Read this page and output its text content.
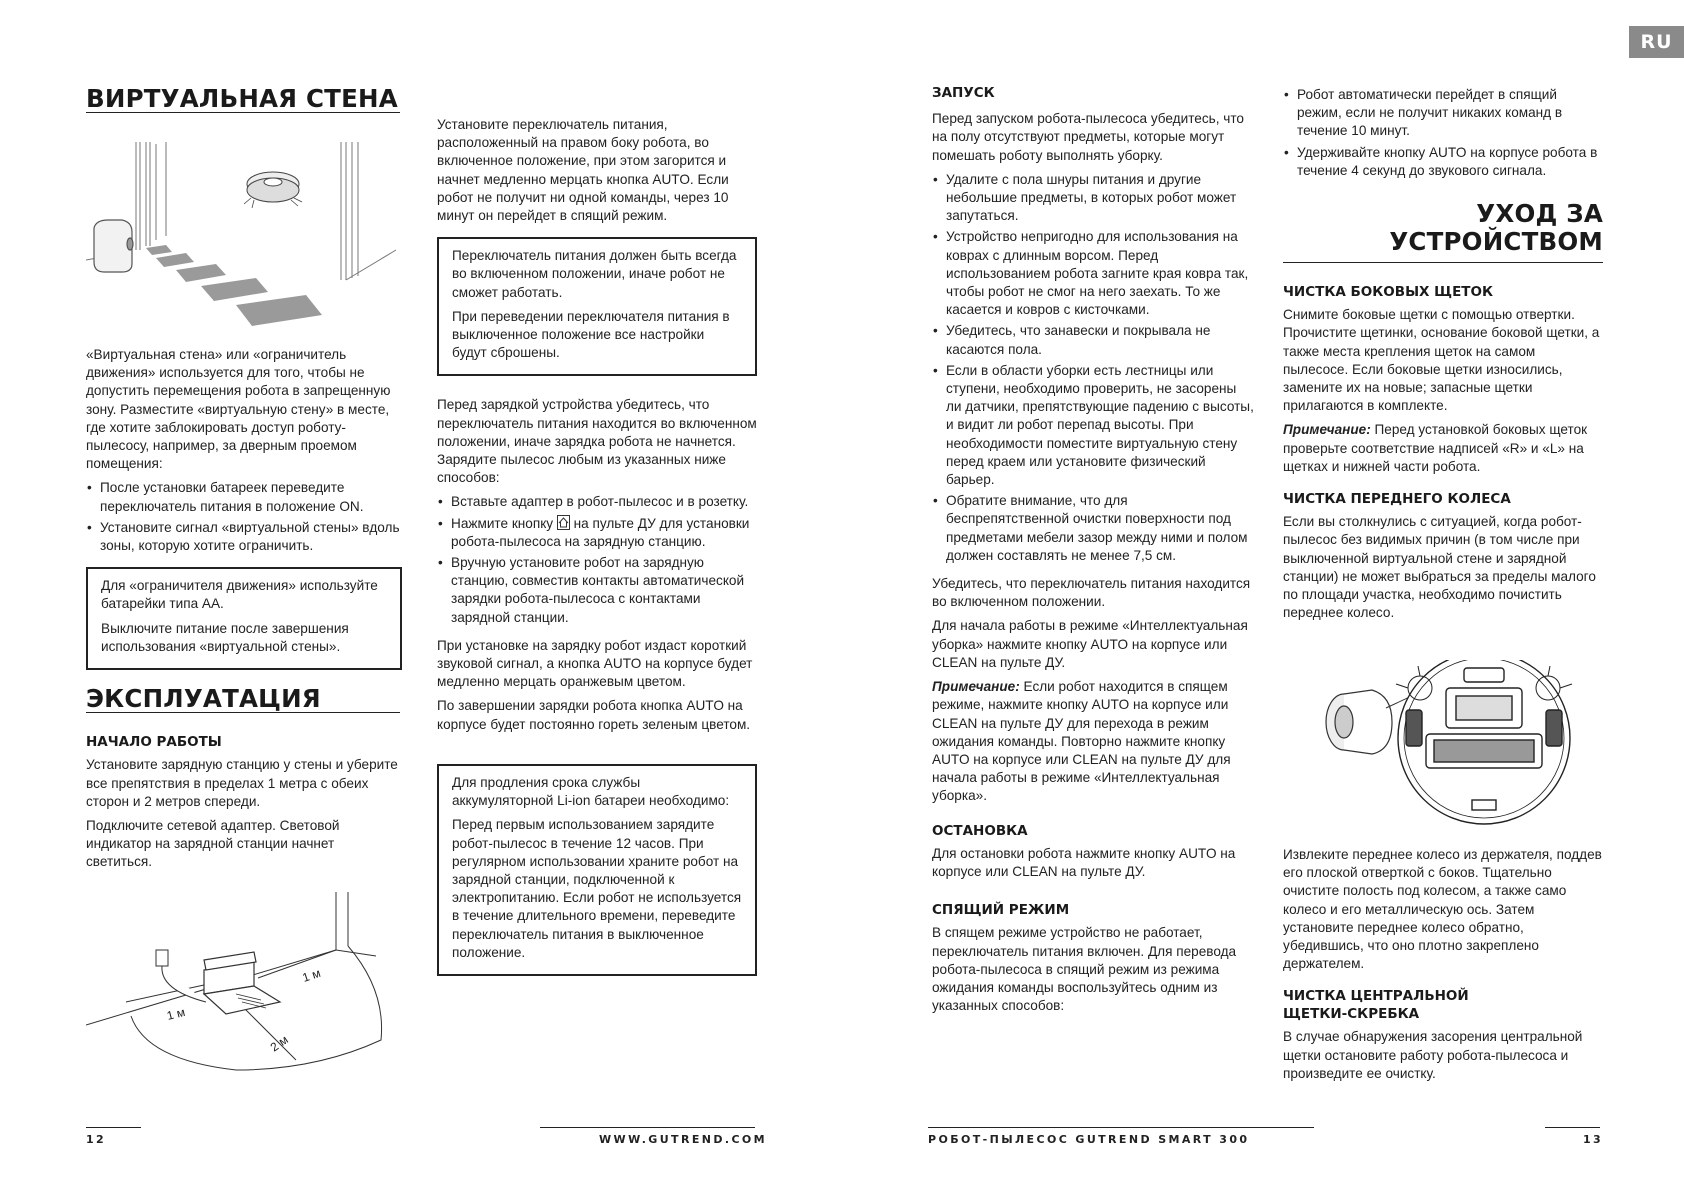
RU
ВИРТУАЛЬНАЯ СТЕНА

«Виртуальная стена» или «ограничитель движения» используется для того, чтобы не допустить перемещения робота в запрещенную зону. Разместите «виртуальную стену» в месте, где хотите заблокировать доступ роботу-пылесосу, например, за дверным проемом помещения:

• После установки батареек переведите переключатель питания в положение ON.
• Установите сигнал «виртуальной стены» вдоль зоны, которую хотите ограничить.

Для «ограничителя движения» используйте батарейки типа АА.

Выключите питание после завершения использования «виртуальной стены».

ЭКСПЛУАТАЦИЯ
НАЧАЛО РАБОТЫ

Установите зарядную станцию у стены и уберите все препятствия в пределах 1 метра с обеих сторон и 2 метров спереди.

Подключите сетевой адаптер. Световой индикатор на зарядной станции начнет светиться.

1 м
1 м
2 м

Установите переключатель питания, расположенный на правом боку робота, во включенное положение, при этом загорится и начнет медленно мерцать кнопка AUTO. Если робот не получит ни одной команды, через 10 минут он перейдет в спящий режим.

Переключатель питания должен быть всегда во включенном положении, иначе робот не сможет работать.

При переведении переключателя питания в выключенное положение все настройки будут сброшены.

Перед зарядкой устройства убедитесь, что переключатель питания находится во включенном положении, иначе зарядка робота не начнется. Зарядите пылесос любым из указанных ниже способов:

• Вставьте адаптер в робот-пылесос и в розетку.
• Нажмите кнопку на пульте ДУ для установки робота-пылесоса на зарядную станцию.
• Вручную установите робот на зарядную станцию, совместив контакты автоматической зарядки робота-пылесоса с контактами зарядной станции.

При установке на зарядку робот издаст короткий звуковой сигнал, а кнопка AUTO на корпусе будет медленно мерцать оранжевым цветом.

По завершении зарядки робота кнопка AUTO на корпусе будет постоянно гореть зеленым цветом.

Для продления срока службы аккумуляторной Li-ion батареи необходимо:

Перед первым использованием зарядите робот-пылесос в течение 12 часов. При регулярном использовании храните робот на зарядной станции, подключенной к электропитанию. Если робот не используется в течение длительного времени, переведите переключатель питания в выключенное положение.

12	WWW.GUTREND.COM
ЗАПУСК

Перед запуском робота-пылесоса убедитесь, что на полу отсутствуют предметы, которые могут помешать роботу выполнять уборку.

• Удалите с пола шнуры питания и другие небольшие предметы, в которых робот может запутаться.
• Устройство непригодно для использования на коврах с длинным ворсом. Перед использованием робота загните края ковра так, чтобы робот не смог на него заехать. То же касается и ковров с кисточками.
• Убедитесь, что занавески и покрывала не касаются пола.
• Если в области уборки есть лестницы или ступени, необходимо проверить, не засорены ли датчики, препятствующие падению с высоты, и видит ли робот перепад высоты. При необходимости поместите виртуальную стену перед краем или установите физический барьер.
• Обратите внимание, что для беспрепятственной очистки поверхности под предметами мебели зазор между ними и полом должен составлять не менее 7,5 см.

Убедитесь, что переключатель питания находится во включенном положении.

Для начала работы в режиме «Интеллектуальная уборка» нажмите кнопку AUTO на корпусе или CLEAN на пульте ДУ.

Примечание: Если робот находится в спящем режиме, нажмите кнопку AUTO на корпусе или CLEAN на пульте ДУ для перехода в режим ожидания команды. Повторно нажмите кнопку AUTO на корпусе или CLEAN на пульте ДУ для начала работы в режиме «Интеллектуальная уборка».

ОСТАНОВКА

Для остановки робота нажмите кнопку AUTO на корпусе или CLEAN на пульте ДУ.

СПЯЩИЙ РЕЖИМ

В спящем режиме устройство не работает, переключатель питания включен. Для перевода робота-пылесоса в спящий режим из режима ожидания команды воспользуйтесь одним из указанных способов:

• Робот автоматически перейдет в спящий режим, если не получит никаких команд в течение 10 минут.
• Удерживайте кнопку AUTO на корпусе робота в течение 4 секунд до звукового сигнала.
УХОД ЗА
УСТРОЙСТВОМ
ЧИСТКА БОКОВЫХ ЩЕТОК

Снимите боковые щетки с помощью отвертки. Прочистите щетинки, основание боковой щетки, а также места крепления щеток на самом пылесосе. Если боковые щетки износились, замените их на новые; запасные щетки прилагаются в комплекте.

Примечание: Перед установкой боковых щеток проверьте соответствие надписей «R» и «L» на щетках и нижней части робота.

ЧИСТКА ПЕРЕДНЕГО КОЛЕСА

Если вы столкнулись с ситуацией, когда робот-пылесос без видимых причин (в том числе при выключенной виртуальной стене и зарядной станции) не может выбраться за пределы малого по площади участка, необходимо почистить переднее колесо.

Извлеките переднее колесо из держателя, поддев его плоской отверткой с боков. Тщательно очистите полость под колесом, а также само колесо и его металлическую ось. Затем установите переднее колесо обратно, убедившись, что оно плотно закреплено держателем.

ЧИСТКА ЦЕНТРАЛЬНОЙ
ЩЕТКИ-СКРЕБКА

В случае обнаружения засорения центральной щетки остановите работу робота-пылесоса и произведите ее очистку.

РОБОТ-ПЫЛЕСОС GUTREND SMART 300	13
